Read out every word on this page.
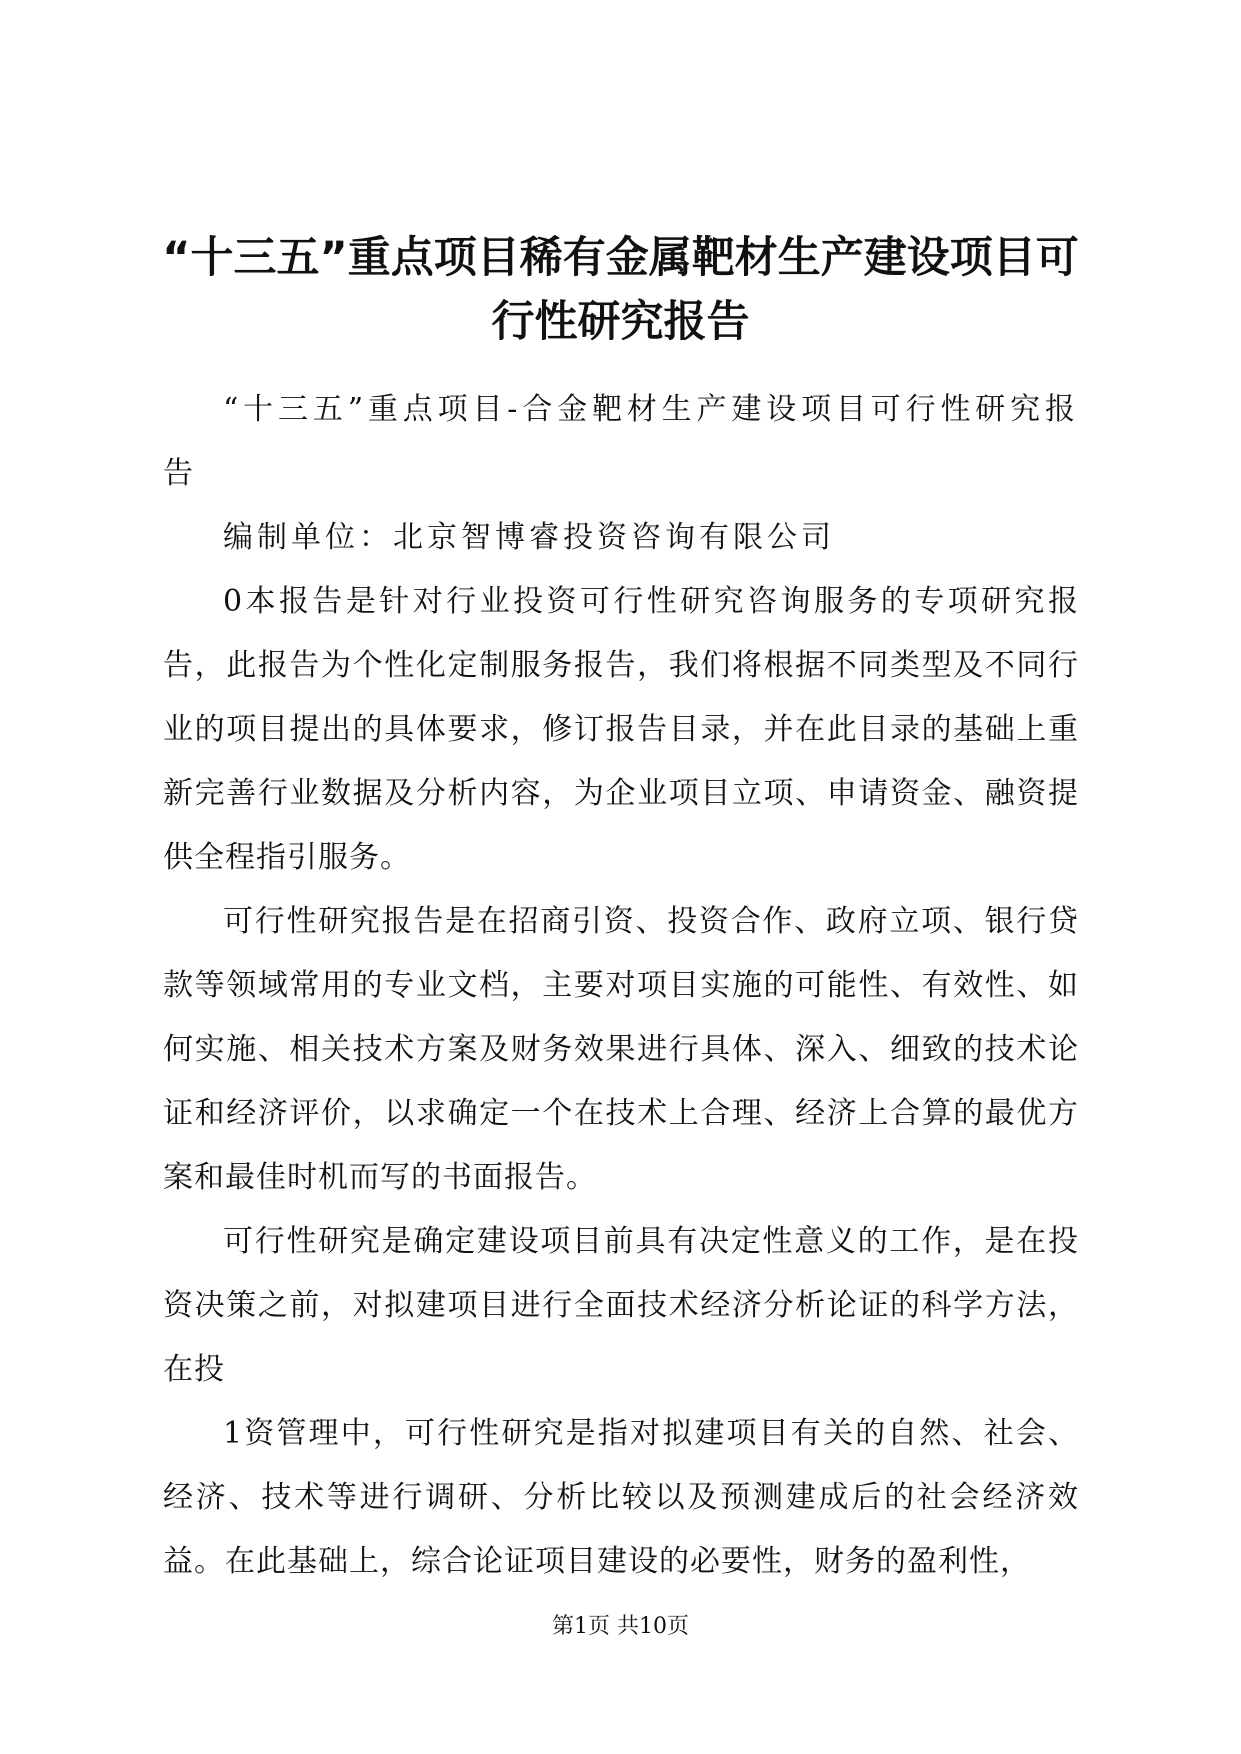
“十三五”重点项目稀有金属靶材生产建设项目可行性研究报告

“十三五”重点项目-合金靶材生产建设项目可行性研究报告

编制单位：北京智博睿投资咨询有限公司

0本报告是针对行业投资可行性研究咨询服务的专项研究报告，此报告为个性化定制服务报告，我们将根据不同类型及不同行业的项目提出的具体要求，修订报告目录，并在此目录的基础上重新完善行业数据及分析内容，为企业项目立项、申请资金、融资提供全程指引服务。

可行性研究报告是在招商引资、投资合作、政府立项、银行贷款等领域常用的专业文档，主要对项目实施的可能性、有效性、如何实施、相关技术方案及财务效果进行具体、深入、细致的技术论证和经济评价，以求确定一个在技术上合理、经济上合算的最优方案和最佳时机而写的书面报告。

可行性研究是确定建设项目前具有决定性意义的工作，是在投资决策之前，对拟建项目进行全面技术经济分析论证的科学方法，在投

1资管理中，可行性研究是指对拟建项目有关的自然、社会、经济、技术等进行调研、分析比较以及预测建成后的社会经济效益。在此基础上，综合论证项目建设的必要性，财务的盈利性，

第1页 共10页
